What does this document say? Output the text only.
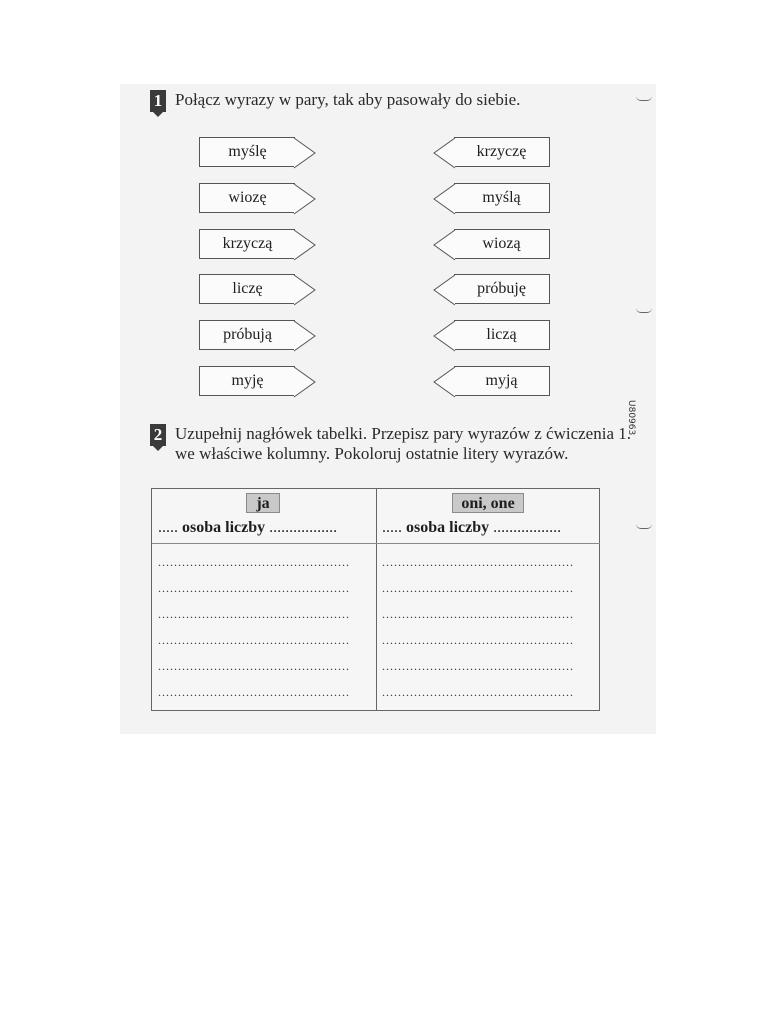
1 Połącz wyrazy w pary, tak aby pasowały do siebie.

myślę
wiozę
krzyczą
liczę
próbują
myję
krzyczę
myślą
wiozą
próbuję
liczą
myją
U80963
2 Uzupełnij nagłówek tabelki. Przepisz pary wyrazów z ćwiczenia 1.

we właściwe kolumny. Pokoloruj ostatnie litery wyrazów.

ja
..... osoba liczby .................
................................................
................................................
................................................
................................................
................................................
................................................
oni, one
..... osoba liczby .................
................................................
................................................
................................................
................................................
................................................
................................................
